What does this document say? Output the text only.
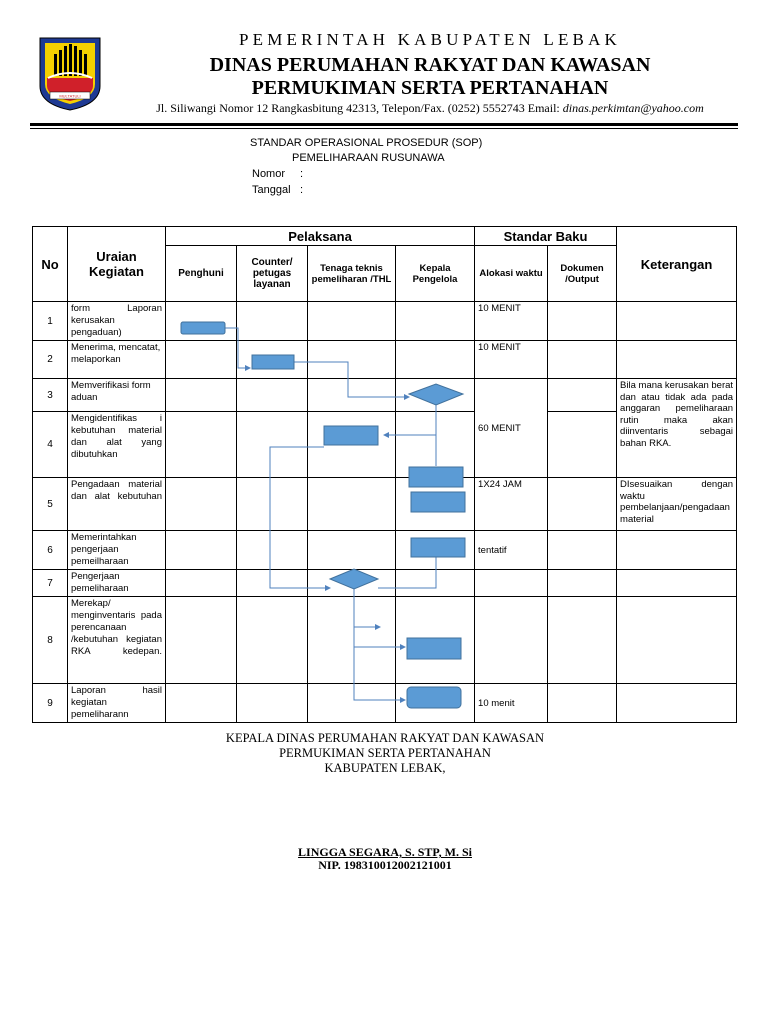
MULTATULI
PEMERINTAH KABUPATEN LEBAK
DINAS PERUMAHAN RAKYAT DAN KAWASAN
PERMUKIMAN SERTA PERTANAHAN
Jl. Siliwangi Nomor 12 Rangkasbitung 42313, Telepon/Fax. (0252) 5552743 Email: dinas.perkimtan@yahoo.com
STANDAR OPERASIONAL PROSEDUR (SOP)
PEMELIHARAAN RUSUNAWA
Nomor :
Tanggal :
No	Uraian Kegiatan	Pelaksana				Standar Baku		Keterangan
		Penghuni	Counter/ petugas layanan	Tenaga teknis pemeliharan /THL	Kepala Pengelola	Alokasi waktu	Dokumen /Output	
1	form Laporan kerusakan pengaduan)					10 MENIT		
2	Menerima, mencatat, melaporkan					10 MENIT		
3	Memverifikasi form aduan					60 MENIT		Bila mana kerusakan berat dan atau tidak ada pada anggaran pemeliharaan rutin maka akan diinventaris sebagai bahan RKA.
4	Mengidentifikas i kebutuhan material dan alat yang dibutuhkan							
5	Pengadaan material dan alat kebutuhan					1X24 JAM		DIsesuaikan dengan waktu pembelanjaan/pengadaan material
6	Memerintahkan pengerjaan pemeilharaan					tentatif		
7	Pengerjaan pemeliharaan							
8	Merekap/ menginventaris pada perencanaan /kebutuhan kegiatan RKA kedepan.							
9	Laporan hasil kegiatan pemeliharann					10 menit		
KEPALA DINAS PERUMAHAN RAKYAT DAN KAWASAN
PERMUKIMAN SERTA PERTANAHAN
KABUPATEN LEBAK,
LINGGA SEGARA, S. STP, M. Si
NIP. 198310012002121001
